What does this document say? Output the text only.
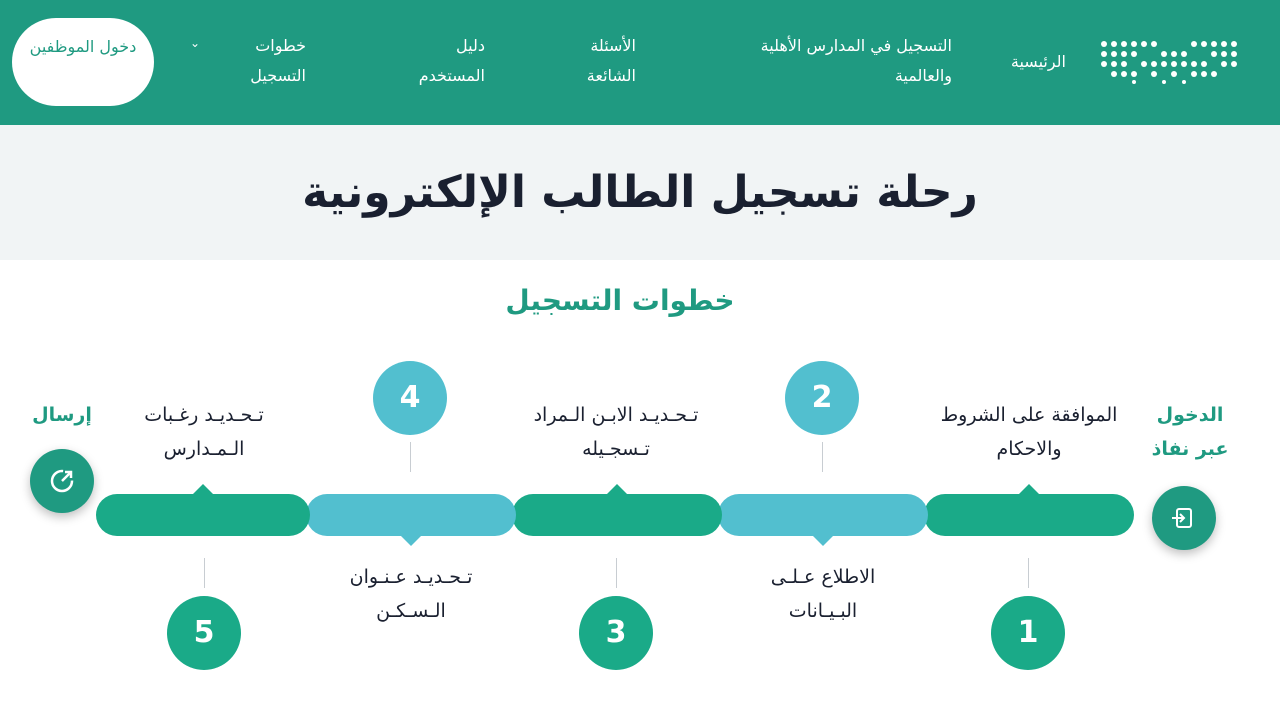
الرئيسية
التسجيل في المدارس الأهلية والعالمية
الأسئلة الشائعة
دليل المستخدم
خطوات التسجيل
⌄
دخول الموظفين
رحلة تسجيل الطالب الإلكترونية
خطوات التسجيل
الدخول عبر نفاذ
إرسال	الموافقة على الشروط والاحكام
1
2
الاطلاع عـلـى البـيـانات
تـحـديـد الابـن الـمراد تـسجـيله
3
4
تـحـديـد عـنـوان الـسـكـن
تـحـديـد رغـبات الـمـدارس
5
